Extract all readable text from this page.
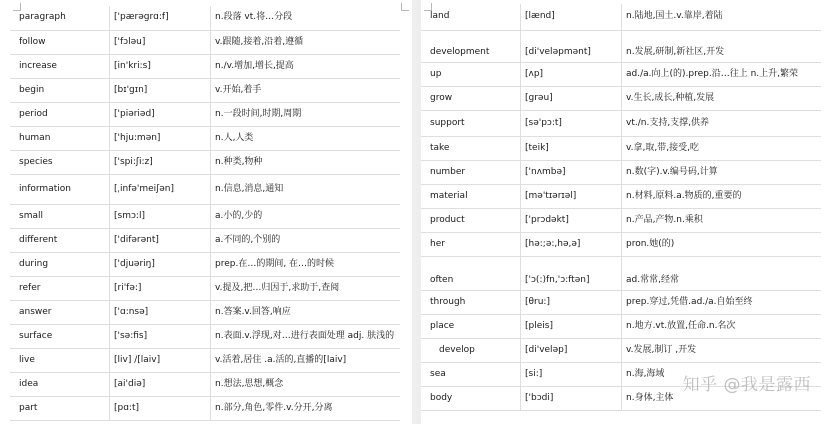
paragraph	['pærəgrɑ:f]	n.段落 vt.将…分段
follow	['fɔləu]	v.跟随,接着,沿着,遵循
increase	[in'kri:s]	n./v.增加,增长,提高
begin	[bɪ'gɪn]	v.开始,着手
period	['piəriəd]	n.一段时间,时期,周期
human	['hju:mən]	n.人,人类
species	['spi:ʃi:z]	n.种类,物种
information	[ˌinfə'meiʃən]	n.信息,消息,通知
small	[smɔ:l]	a.小的,少的
different	['difərənt]	a.不同的,个别的
during	['djuəriŋ]	prep.在…的期间, 在…的时候
refer	[ri'fə:]	v.提及,把…归因于,求助于,查阅
answer	['ɑ:nsə]	n.答案.v.回答,响应
surface	['sə:fis]	n.表面.v.浮现,对…进行表面处理 adj. 肤浅的
live	[liv] /[laiv]	v.活着,居住 .a.活的,直播的[laiv]
idea	[ai'diə]	n.想法,思想,概念
part	[pɑ:t]	n.部分,角色,零件.v.分开,分离
land	[lænd]	n.陆地,国土.v.靠岸,着陆
development	[di'veləpmənt]	n.发展,研制,新社区,开发
up	[ʌp]	ad./a.向上(的).prep.沿…往上 n.上升,繁荣
grow	[grəu]	v.生长,成长,种植,发展
support	[sə'pɔ:t]	vt./n.支持,支撑,供养
take	[teik]	v.拿,取,带,接受,吃
number	['nʌmbə]	n.数(字).v.编号码,计算
material	[mə'tɪərɪəl]	n.材料,原料.a.物质的,重要的
product	['prɔdəkt]	n.产品,产物.n.乘积
her	[hə:;ə:,hə,ə]	pron.她(的)
often	['ɔ(:)fn,'ɔ:ftən]	ad.常常,经常
through	[θru:]	prep.穿过,凭借.ad./a.自始至终
place	[pleis]	n.地方.vt.放置,任命.n.名次
develop	[di'veləp]	v.发展,制订 ,开发
sea	[si:]	n.海,海域
body	['bɔdi]	n.身体,主体
知乎 @我是露西
